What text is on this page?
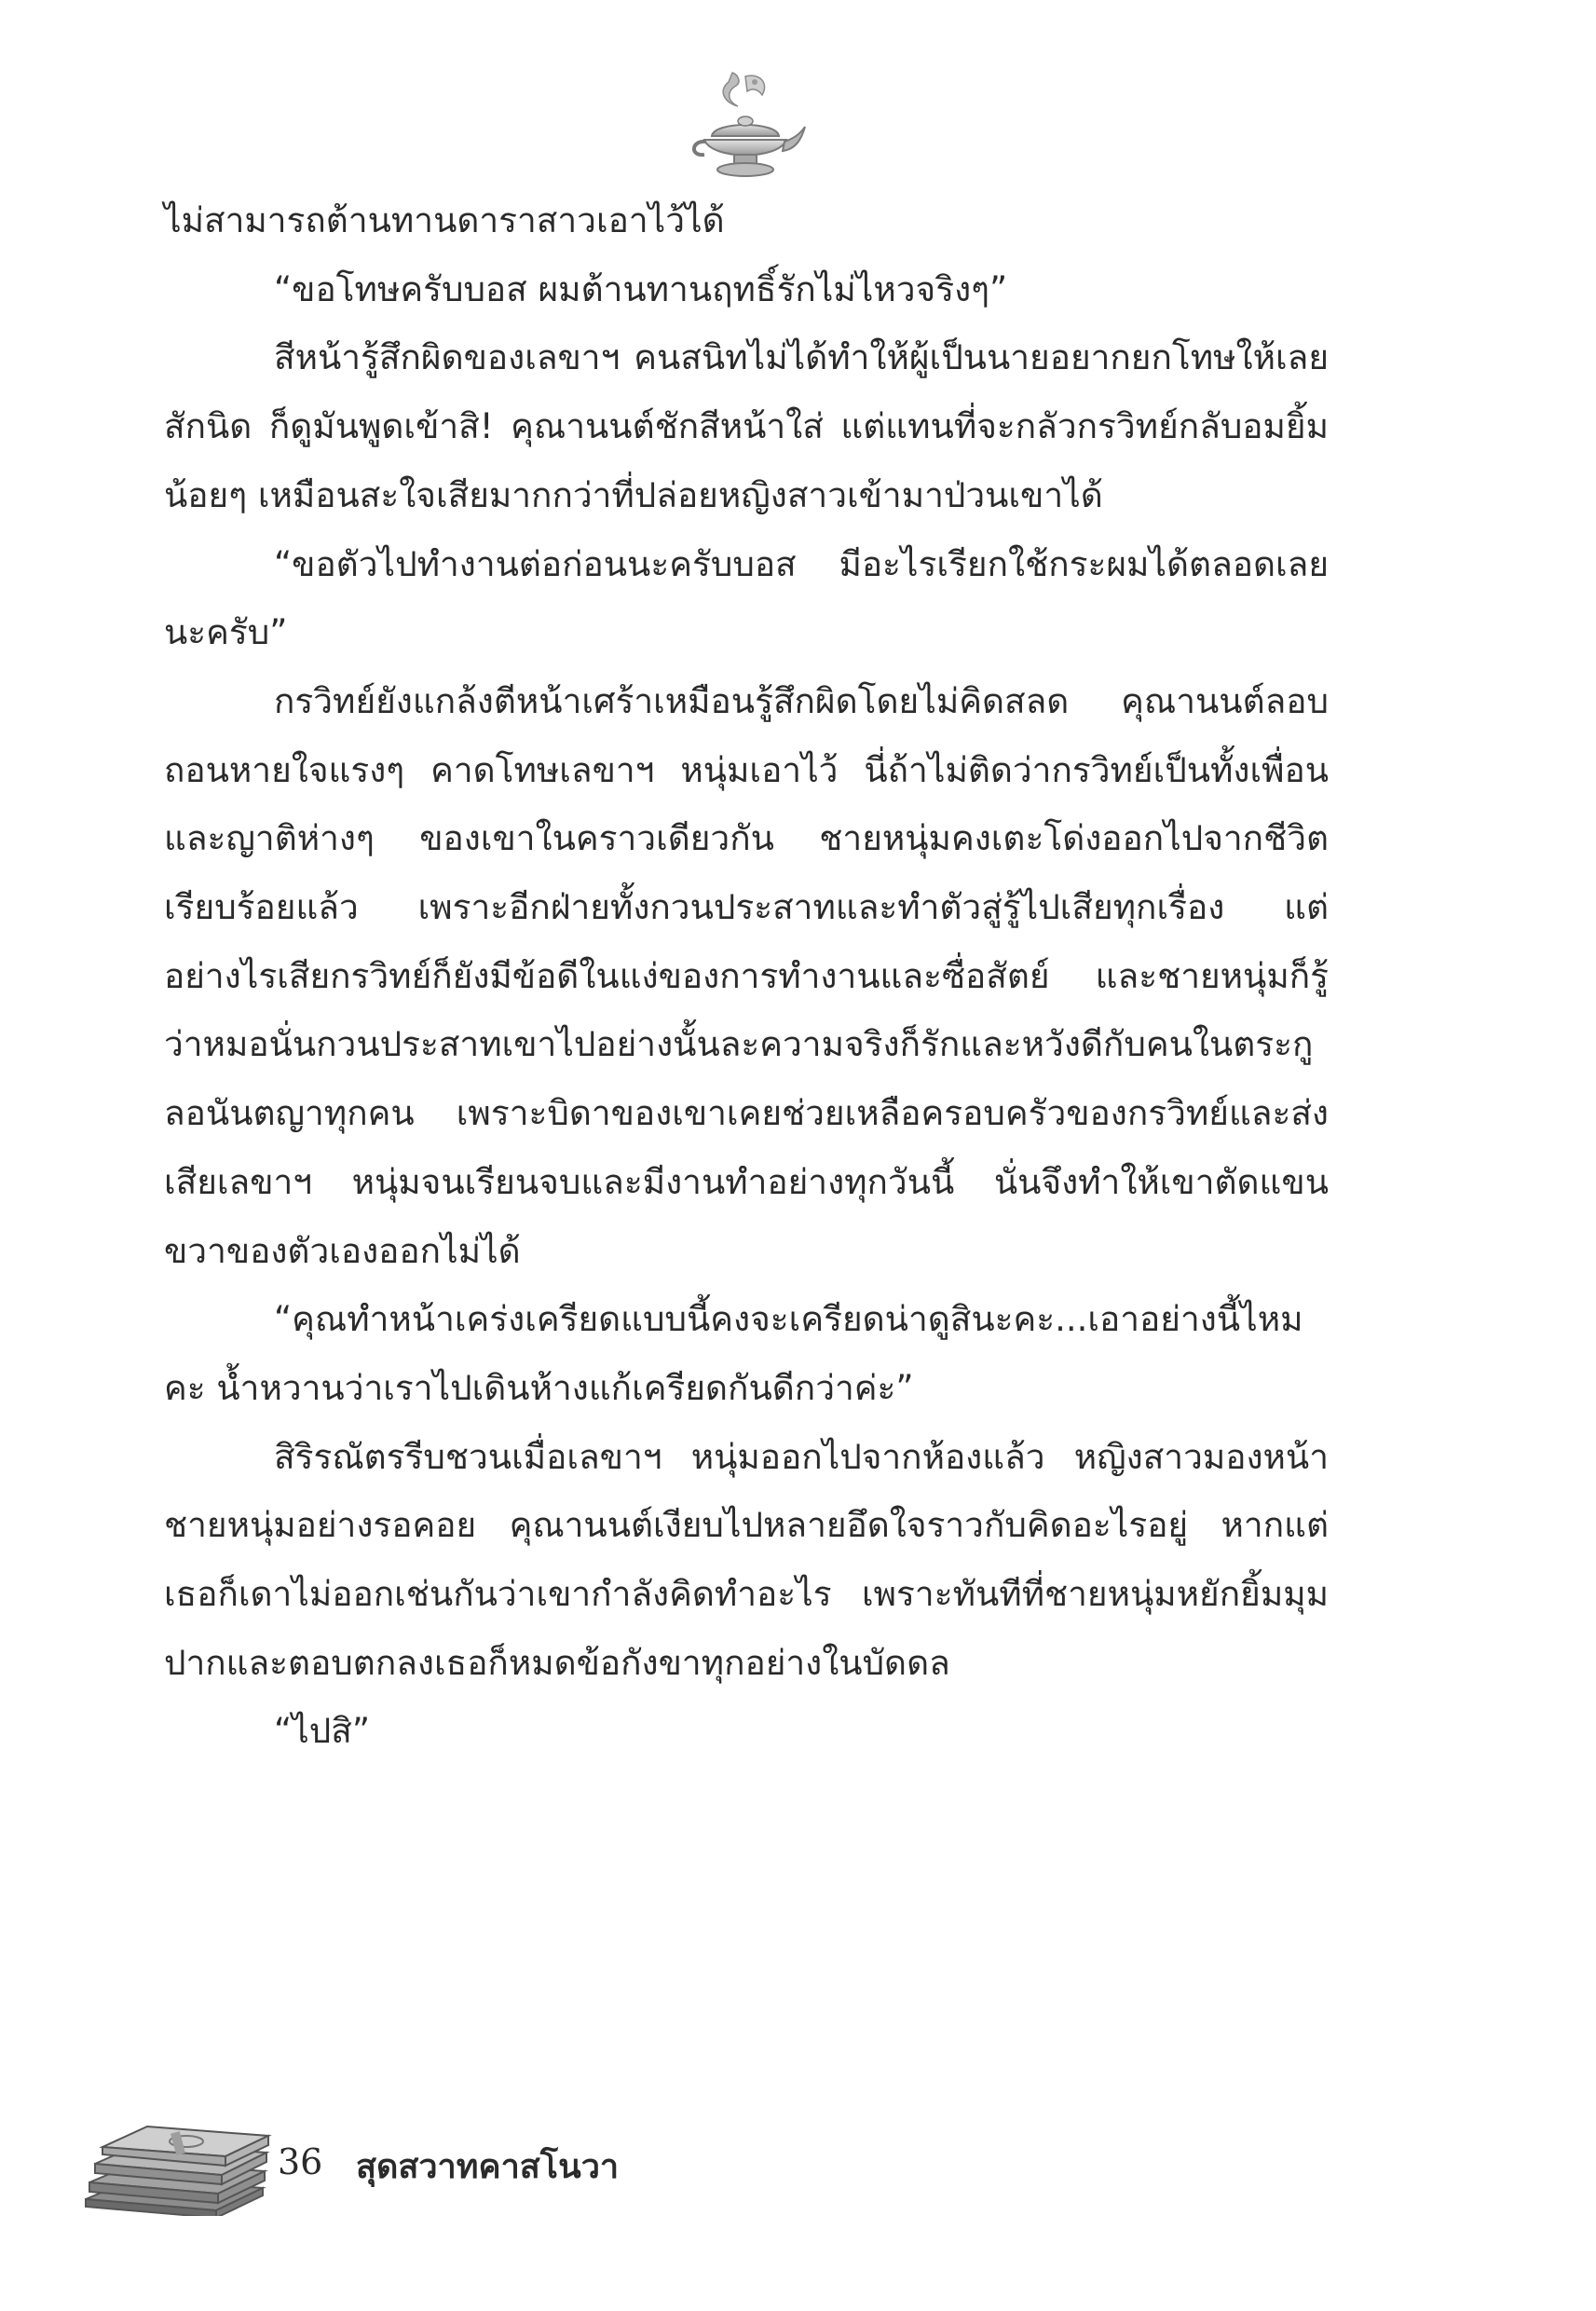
ไม่สามารถต้านทานดาราสาวเอาไว้ได้

“ขอโทษครับบอส ผมต้านทานฤทธิ์รักไม่ไหวจริงๆ”

สีหน้ารู้สึกผิดของเลขาฯ คนสนิทไม่ได้ทำให้ผู้เป็นนายอยากยกโทษให้เลยสักนิด ก็ดูมันพูดเข้าสิ! คุณานนต์ชักสีหน้าใส่ แต่แทนที่จะกลัวกรวิทย์กลับอมยิ้มน้อยๆ เหมือนสะใจเสียมากกว่าที่ปล่อยหญิงสาวเข้ามาป่วนเขาได้

“ขอตัวไปทำงานต่อก่อนนะครับบอส มีอะไรเรียกใช้กระผมได้ตลอดเลยนะครับ”

กรวิทย์ยังแกล้งตีหน้าเศร้าเหมือนรู้สึกผิดโดยไม่คิดสลด คุณานนต์ลอบถอนหายใจแรงๆ คาดโทษเลขาฯ หนุ่มเอาไว้ นี่ถ้าไม่ติดว่ากรวิทย์เป็นทั้งเพื่อนและญาติห่างๆ ของเขาในคราวเดียวกัน ชายหนุ่มคงเตะโด่งออกไปจากชีวิตเรียบร้อยแล้ว เพราะอีกฝ่ายทั้งกวนประสาทและทำตัวสู่รู้ไปเสียทุกเรื่อง แต่อย่างไรเสียกรวิทย์ก็ยังมีข้อดีในแง่ของการทำงานและซื่อสัตย์ และชายหนุ่มก็รู้ว่าหมอนั่นกวนประสาทเขาไปอย่างนั้นละความจริงก็รักและหวังดีกับคนในตระกูลอนันตญาทุกคน เพราะบิดาของเขาเคยช่วยเหลือครอบครัวของกรวิทย์และส่งเสียเลขาฯ หนุ่มจนเรียนจบและมีงานทำอย่างทุกวันนี้ นั่นจึงทำให้เขาตัดแขนขวาของตัวเองออกไม่ได้

“คุณทำหน้าเคร่งเครียดแบบนี้คงจะเครียดน่าดูสินะคะ...เอาอย่างนี้ไหมคะ น้ำหวานว่าเราไปเดินห้างแก้เครียดกันดีกว่าค่ะ”

สิริรณัตรรีบชวนเมื่อเลขาฯ หนุ่มออกไปจากห้องแล้ว หญิงสาวมองหน้าชายหนุ่มอย่างรอคอย คุณานนต์เงียบไปหลายอึดใจราวกับคิดอะไรอยู่ หากแต่เธอก็เดาไม่ออกเช่นกันว่าเขากำลังคิดทำอะไร เพราะทันทีที่ชายหนุ่มหยักยิ้มมุมปากและตอบตกลงเธอก็หมดข้อกังขาทุกอย่างในบัดดล

“ไปสิ”

36 สุดสวาทคาสโนวา
